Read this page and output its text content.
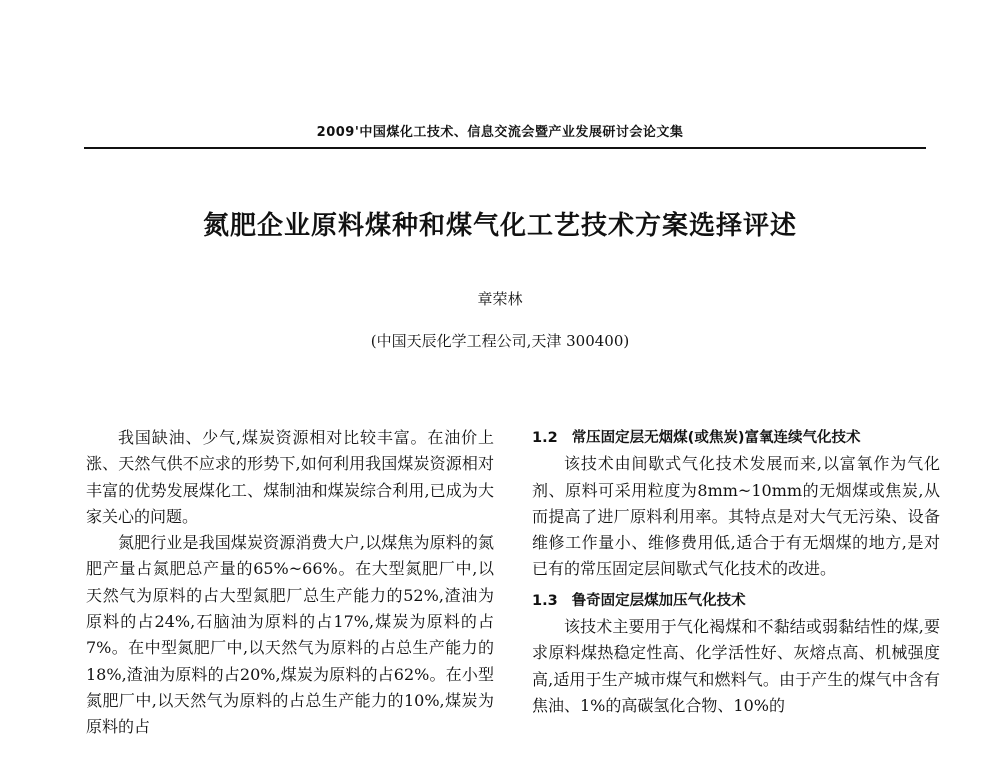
2009'中国煤化工技术、信息交流会暨产业发展研讨会论文集
氮肥企业原料煤种和煤气化工艺技术方案选择评述
章荣林
(中国天辰化学工程公司,天津 300400)

我国缺油、少气,煤炭资源相对比较丰富。在油价上涨、天然气供不应求的形势下,如何利用我国煤炭资源相对丰富的优势发展煤化工、煤制油和煤炭综合利用,已成为大家关心的问题。

氮肥行业是我国煤炭资源消费大户,以煤焦为原料的氮肥产量占氮肥总产量的65%~66%。在大型氮肥厂中,以天然气为原料的占大型氮肥厂总生产能力的52%,渣油为原料的占24%,石脑油为原料的占17%,煤炭为原料的占7%。在中型氮肥厂中,以天然气为原料的占总生产能力的18%,渣油为原料的占20%,煤炭为原料的占62%。在小型氮肥厂中,以天然气为原料的占总生产能力的10%,煤炭为原料的占

1.2 常压固定层无烟煤(或焦炭)富氧连续气化技术

该技术由间歇式气化技术发展而来,以富氧作为气化剂、原料可采用粒度为8mm~10mm的无烟煤或焦炭,从而提高了进厂原料利用率。其特点是对大气无污染、设备维修工作量小、维修费用低,适合于有无烟煤的地方,是对已有的常压固定层间歇式气化技术的改进。

1.3 鲁奇固定层煤加压气化技术

该技术主要用于气化褐煤和不黏结或弱黏结性的煤,要求原料煤热稳定性高、化学活性好、灰熔点高、机械强度高,适用于生产城市煤气和燃料气。由于产生的煤气中含有焦油、1%的高碳氢化合物、10%的
